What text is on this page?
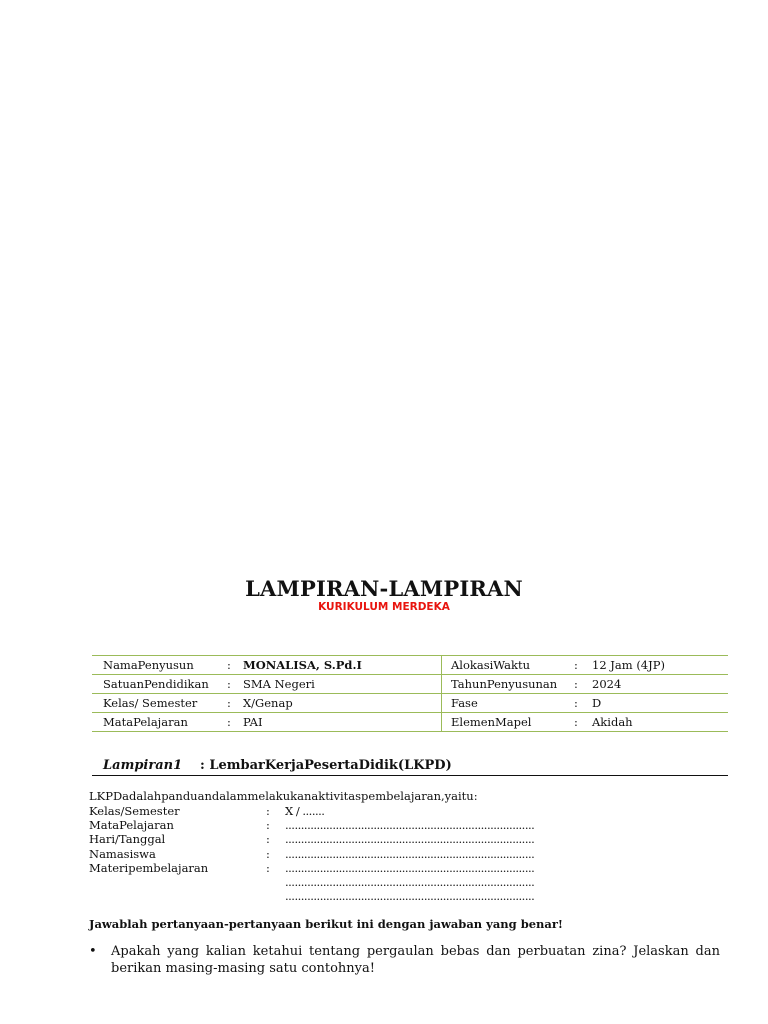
LAMPIRAN-LAMPIRAN
KURIKULUM MERDEKA
NamaPenyusun	:	MONALISA, S.Pd.I	AlokasiWaktu	:	12 Jam (4JP)
SatuanPendidikan	:	SMA Negeri	TahunPenyusunan	:	2024
Kelas/ Semester	:	X/Genap	Fase	:	D
MataPelajaran	:	PAI	ElemenMapel	:	Akidah
Lampiran1 : LembarKerjaPesertaDidik(LKPD)
LKPDadalahpanduandalammelakukanaktivitaspembelajaran,yaitu:
Kelas/Semester	: X / .......
MataPelajaran	: ...............................................................................
Hari/Tanggal	: ...............................................................................
Namasiswa	: ...............................................................................
Materipembelajaran	: ...............................................................................
...............................................................................
...............................................................................
Jawablah pertanyaan-pertanyaan berikut ini dengan jawaban yang benar!
• Apakah yang kalian ketahui tentang pergaulan bebas dan perbuatan zina? Jelaskan dan berikan masing-masing satu contohnya!
